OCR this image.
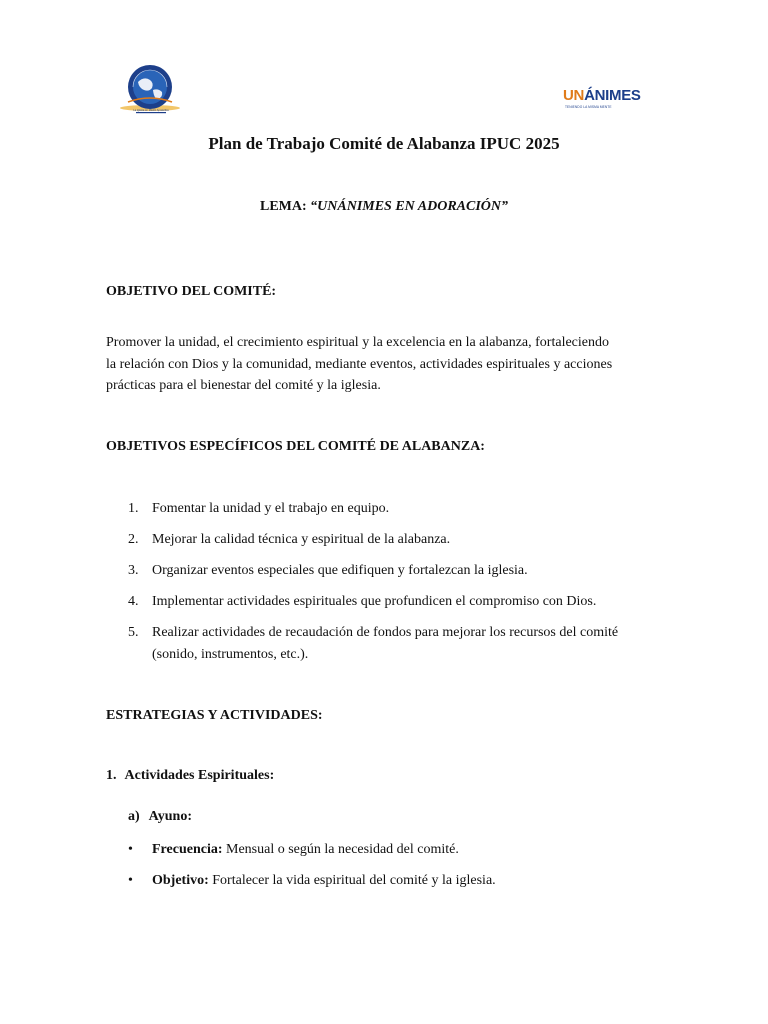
La Iglesia en Misión Apostólica
UNÁNIMES
TENIENDO LA MISMA MENTE
Plan de Trabajo Comité de Alabanza IPUC 2025
LEMA: “UNÁNIMES EN ADORACIÓN”
OBJETIVO DEL COMITÉ:
Promover la unidad, el crecimiento espiritual y la excelencia en la alabanza, fortaleciendo
la relación con Dios y la comunidad, mediante eventos, actividades espirituales y acciones
prácticas para el bienestar del comité y la iglesia.
OBJETIVOS ESPECÍFICOS DEL COMITÉ DE ALABANZA:
1. Fomentar la unidad y el trabajo en equipo.
2. Mejorar la calidad técnica y espiritual de la alabanza.
3. Organizar eventos especiales que edifiquen y fortalezcan la iglesia.
4. Implementar actividades espirituales que profundicen el compromiso con Dios.
5. Realizar actividades de recaudación de fondos para mejorar los recursos del comité
(sonido, instrumentos, etc.).
ESTRATEGIAS Y ACTIVIDADES:
1. Actividades Espirituales:
a) Ayuno:
• Frecuencia: Mensual o según la necesidad del comité.
• Objetivo: Fortalecer la vida espiritual del comité y la iglesia.
